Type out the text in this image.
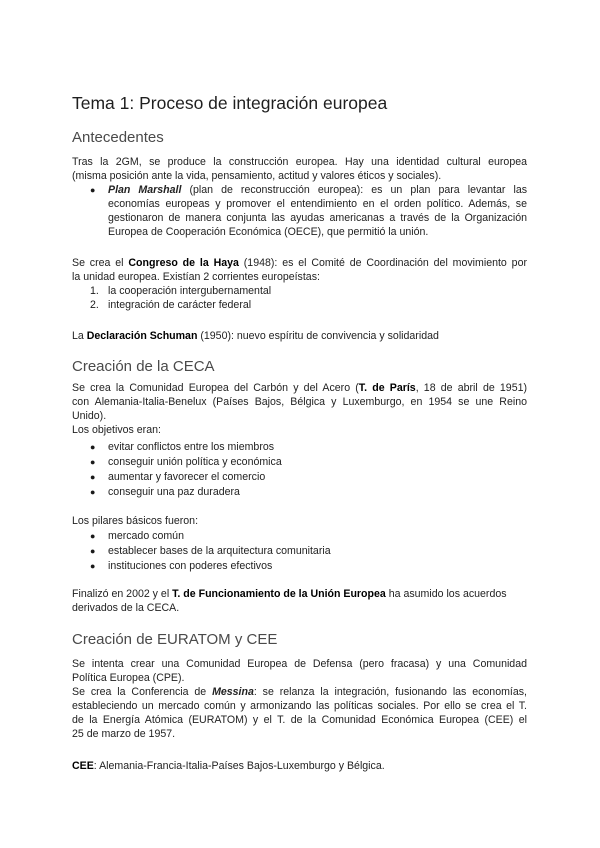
Tema 1: Proceso de integración europea
Antecedentes
Tras la 2GM, se produce la construcción europea. Hay una identidad cultural europea
(misma posición ante la vida, pensamiento, actitud y valores éticos y sociales).
● Plan Marshall (plan de reconstrucción europea): es un plan para levantar las
economías europeas y promover el entendimiento en el orden político. Además, se
gestionaron de manera conjunta las ayudas americanas a través de la Organización
Europea de Cooperación Económica (OECE), que permitió la unión.
Se crea el Congreso de la Haya (1948): es el Comité de Coordinación del movimiento por
la unidad europea. Existían 2 corrientes europeístas:
1. la cooperación intergubernamental
2. integración de carácter federal
La Declaración Schuman (1950): nuevo espíritu de convivencia y solidaridad
Creación de la CECA
Se crea la Comunidad Europea del Carbón y del Acero (T. de París, 18 de abril de 1951)
con Alemania-Italia-Benelux (Países Bajos, Bélgica y Luxemburgo, en 1954 se une Reino
Unido).
Los objetivos eran:
● evitar conflictos entre los miembros
● conseguir unión política y económica
● aumentar y favorecer el comercio
● conseguir una paz duradera
Los pilares básicos fueron:
● mercado común
● establecer bases de la arquitectura comunitaria
● instituciones con poderes efectivos
Finalizó en 2002 y el T. de Funcionamiento de la Unión Europea ha asumido los acuerdos
derivados de la CECA.
Creación de EURATOM y CEE
Se intenta crear una Comunidad Europea de Defensa (pero fracasa) y una Comunidad
Política Europea (CPE).
Se crea la Conferencia de Messina: se relanza la integración, fusionando las economías,
estableciendo un mercado común y armonizando las políticas sociales. Por ello se crea el T.
de la Energía Atómica (EURATOM) y el T. de la Comunidad Económica Europea (CEE) el
25 de marzo de 1957.
CEE: Alemania-Francia-Italia-Países Bajos-Luxemburgo y Bélgica.
